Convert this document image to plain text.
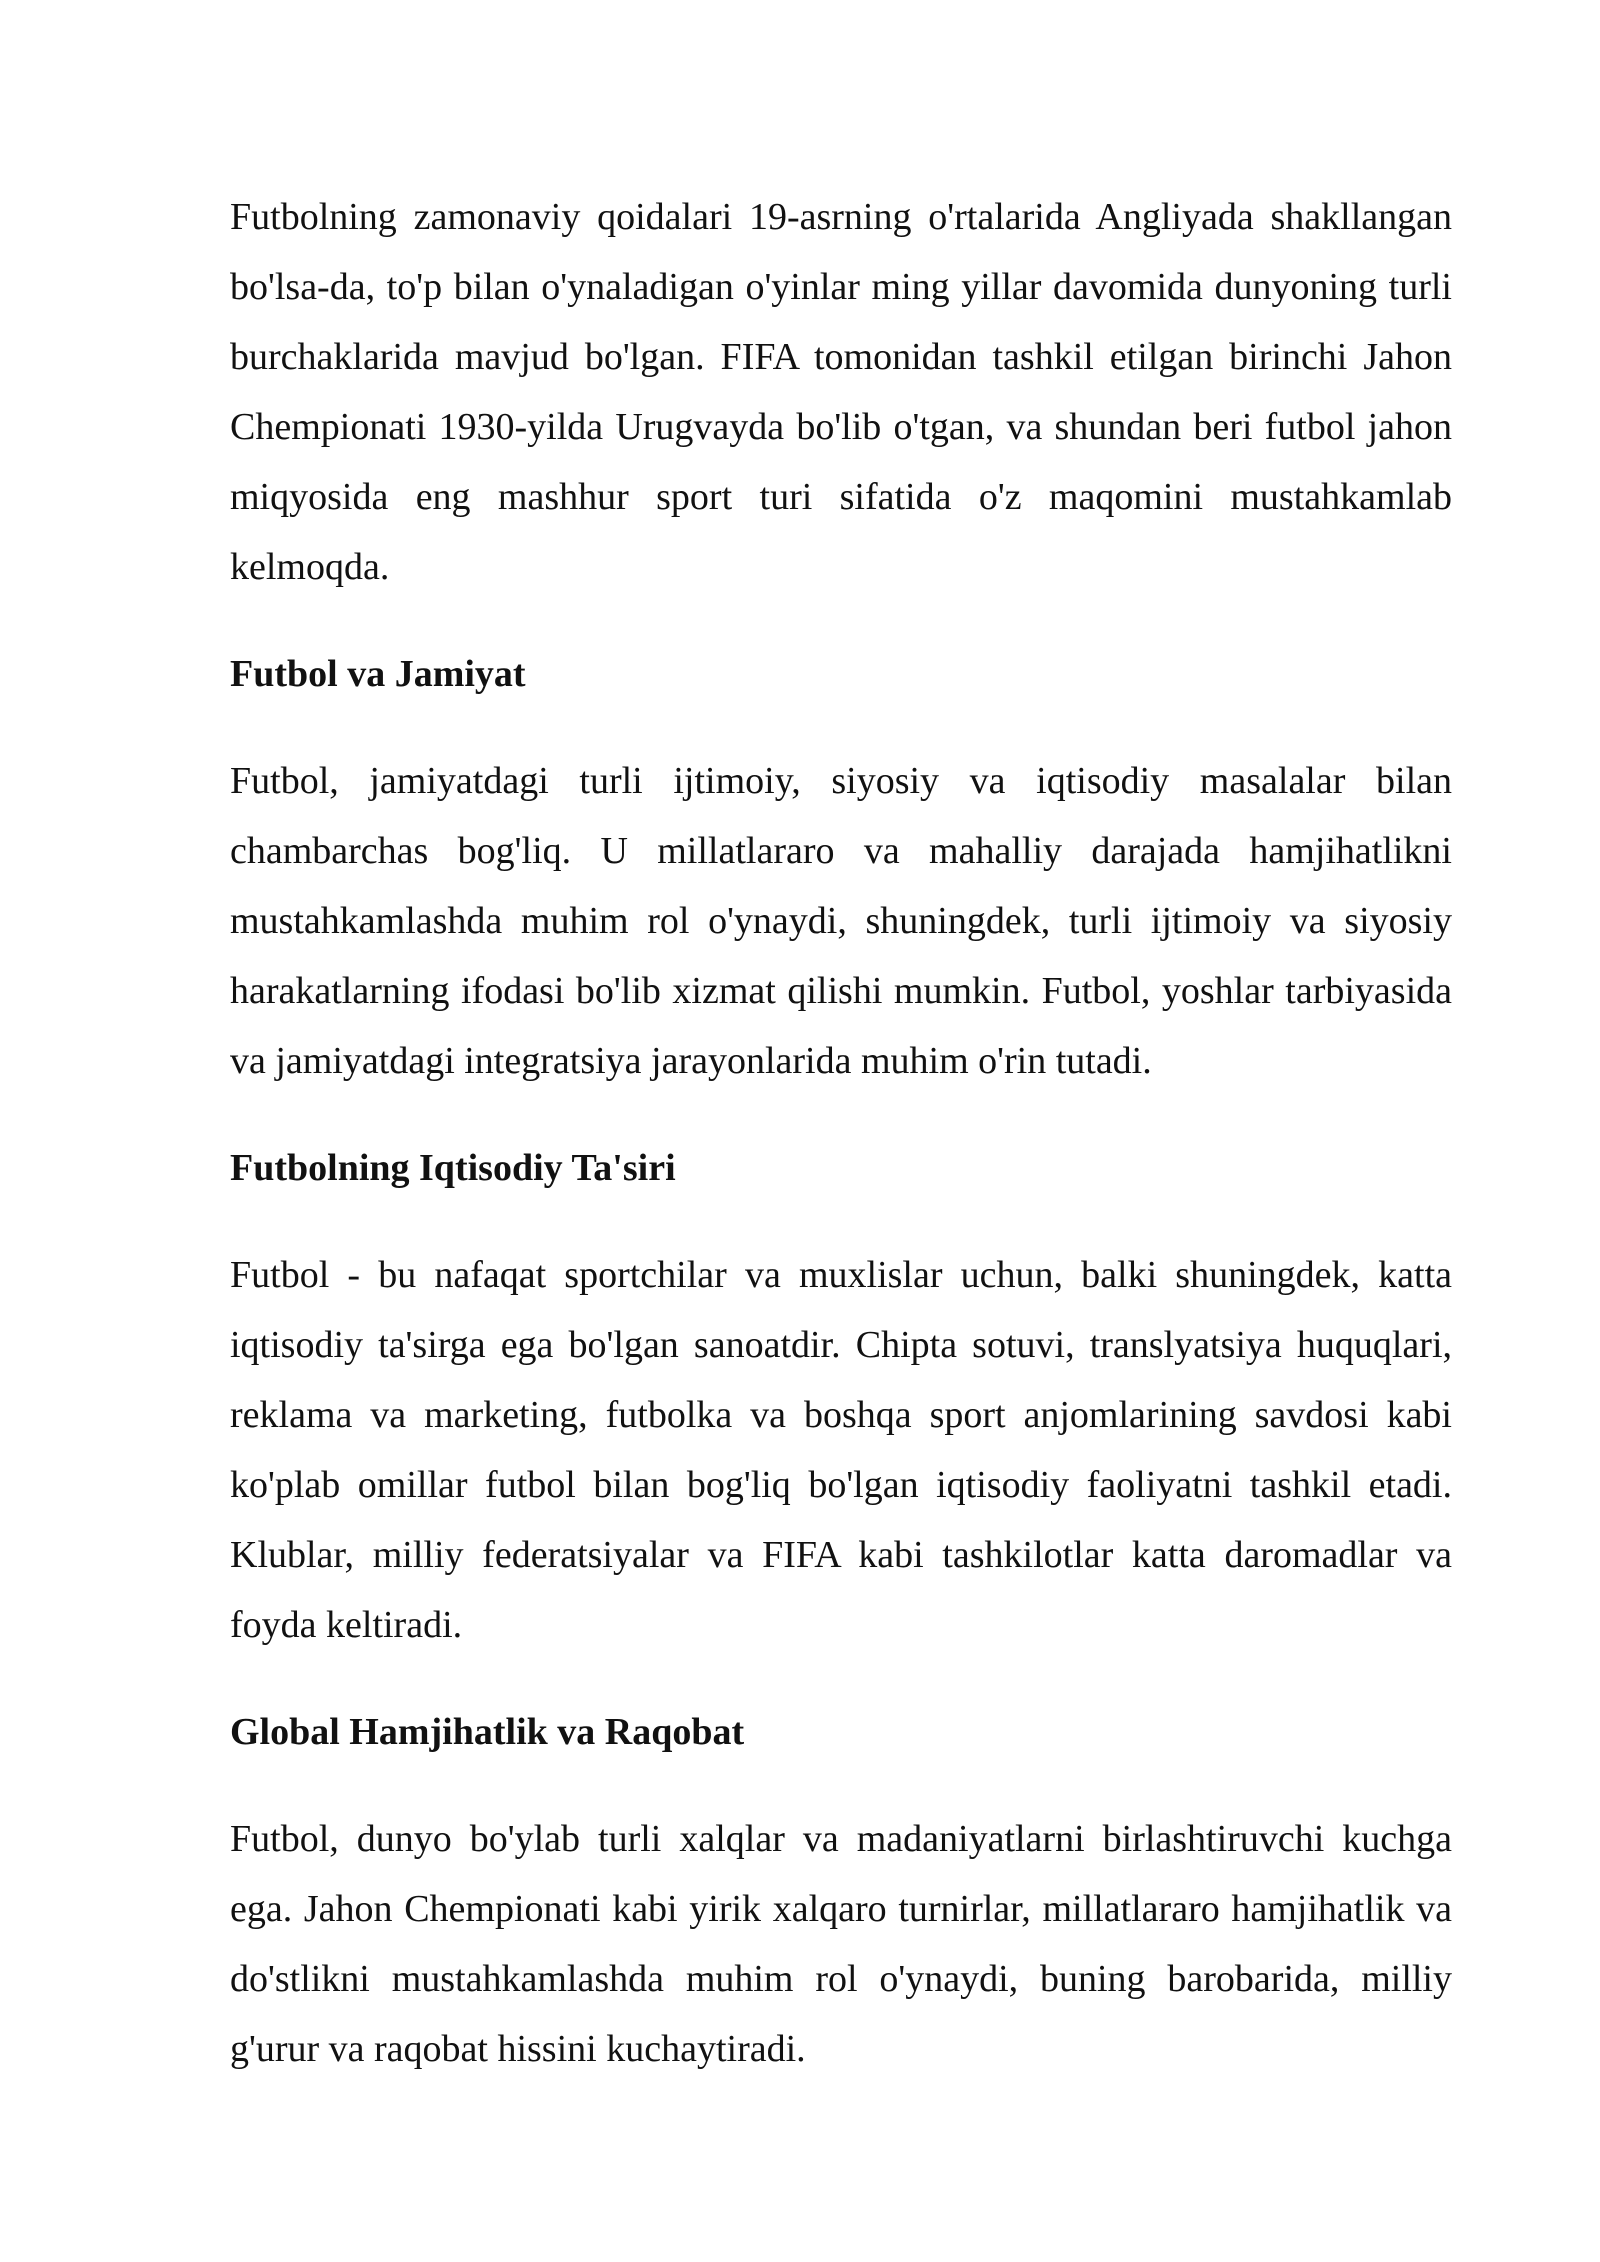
Futbolning zamonaviy qoidalari 19-asrning o'rtalarida Angliyada shakllangan bo'lsa-da, to'p bilan o'ynaladigan o'yinlar ming yillar davomida dunyoning turli burchaklarida mavjud bo'lgan. FIFA tomonidan tashkil etilgan birinchi Jahon Chempionati 1930-yilda Urugvayda bo'lib o'tgan, va shundan beri futbol jahon miqyosida eng mashhur sport turi sifatida o'z maqomini mustahkamlab kelmoqda.

Futbol va Jamiyat

Futbol, jamiyatdagi turli ijtimoiy, siyosiy va iqtisodiy masalalar bilan chambarchas bog'liq. U millatlararo va mahalliy darajada hamjihatlikni mustahkamlashda muhim rol o'ynaydi, shuningdek, turli ijtimoiy va siyosiy harakatlarning ifodasi bo'lib xizmat qilishi mumkin. Futbol, yoshlar tarbiyasida va jamiyatdagi integratsiya jarayonlarida muhim o'rin tutadi.

Futbolning Iqtisodiy Ta'siri

Futbol - bu nafaqat sportchilar va muxlislar uchun, balki shuningdek, katta iqtisodiy ta'sirga ega bo'lgan sanoatdir. Chipta sotuvi, translyatsiya huquqlari, reklama va marketing, futbolka va boshqa sport anjomlarining savdosi kabi ko'plab omillar futbol bilan bog'liq bo'lgan iqtisodiy faoliyatni tashkil etadi. Klublar, milliy federatsiyalar va FIFA kabi tashkilotlar katta daromadlar va foyda keltiradi.

Global Hamjihatlik va Raqobat

Futbol, dunyo bo'ylab turli xalqlar va madaniyatlarni birlashtiruvchi kuchga ega. Jahon Chempionati kabi yirik xalqaro turnirlar, millatlararo hamjihatlik va do'stlikni mustahkamlashda muhim rol o'ynaydi, buning barobarida, milliy g'urur va raqobat hissini kuchaytiradi.
